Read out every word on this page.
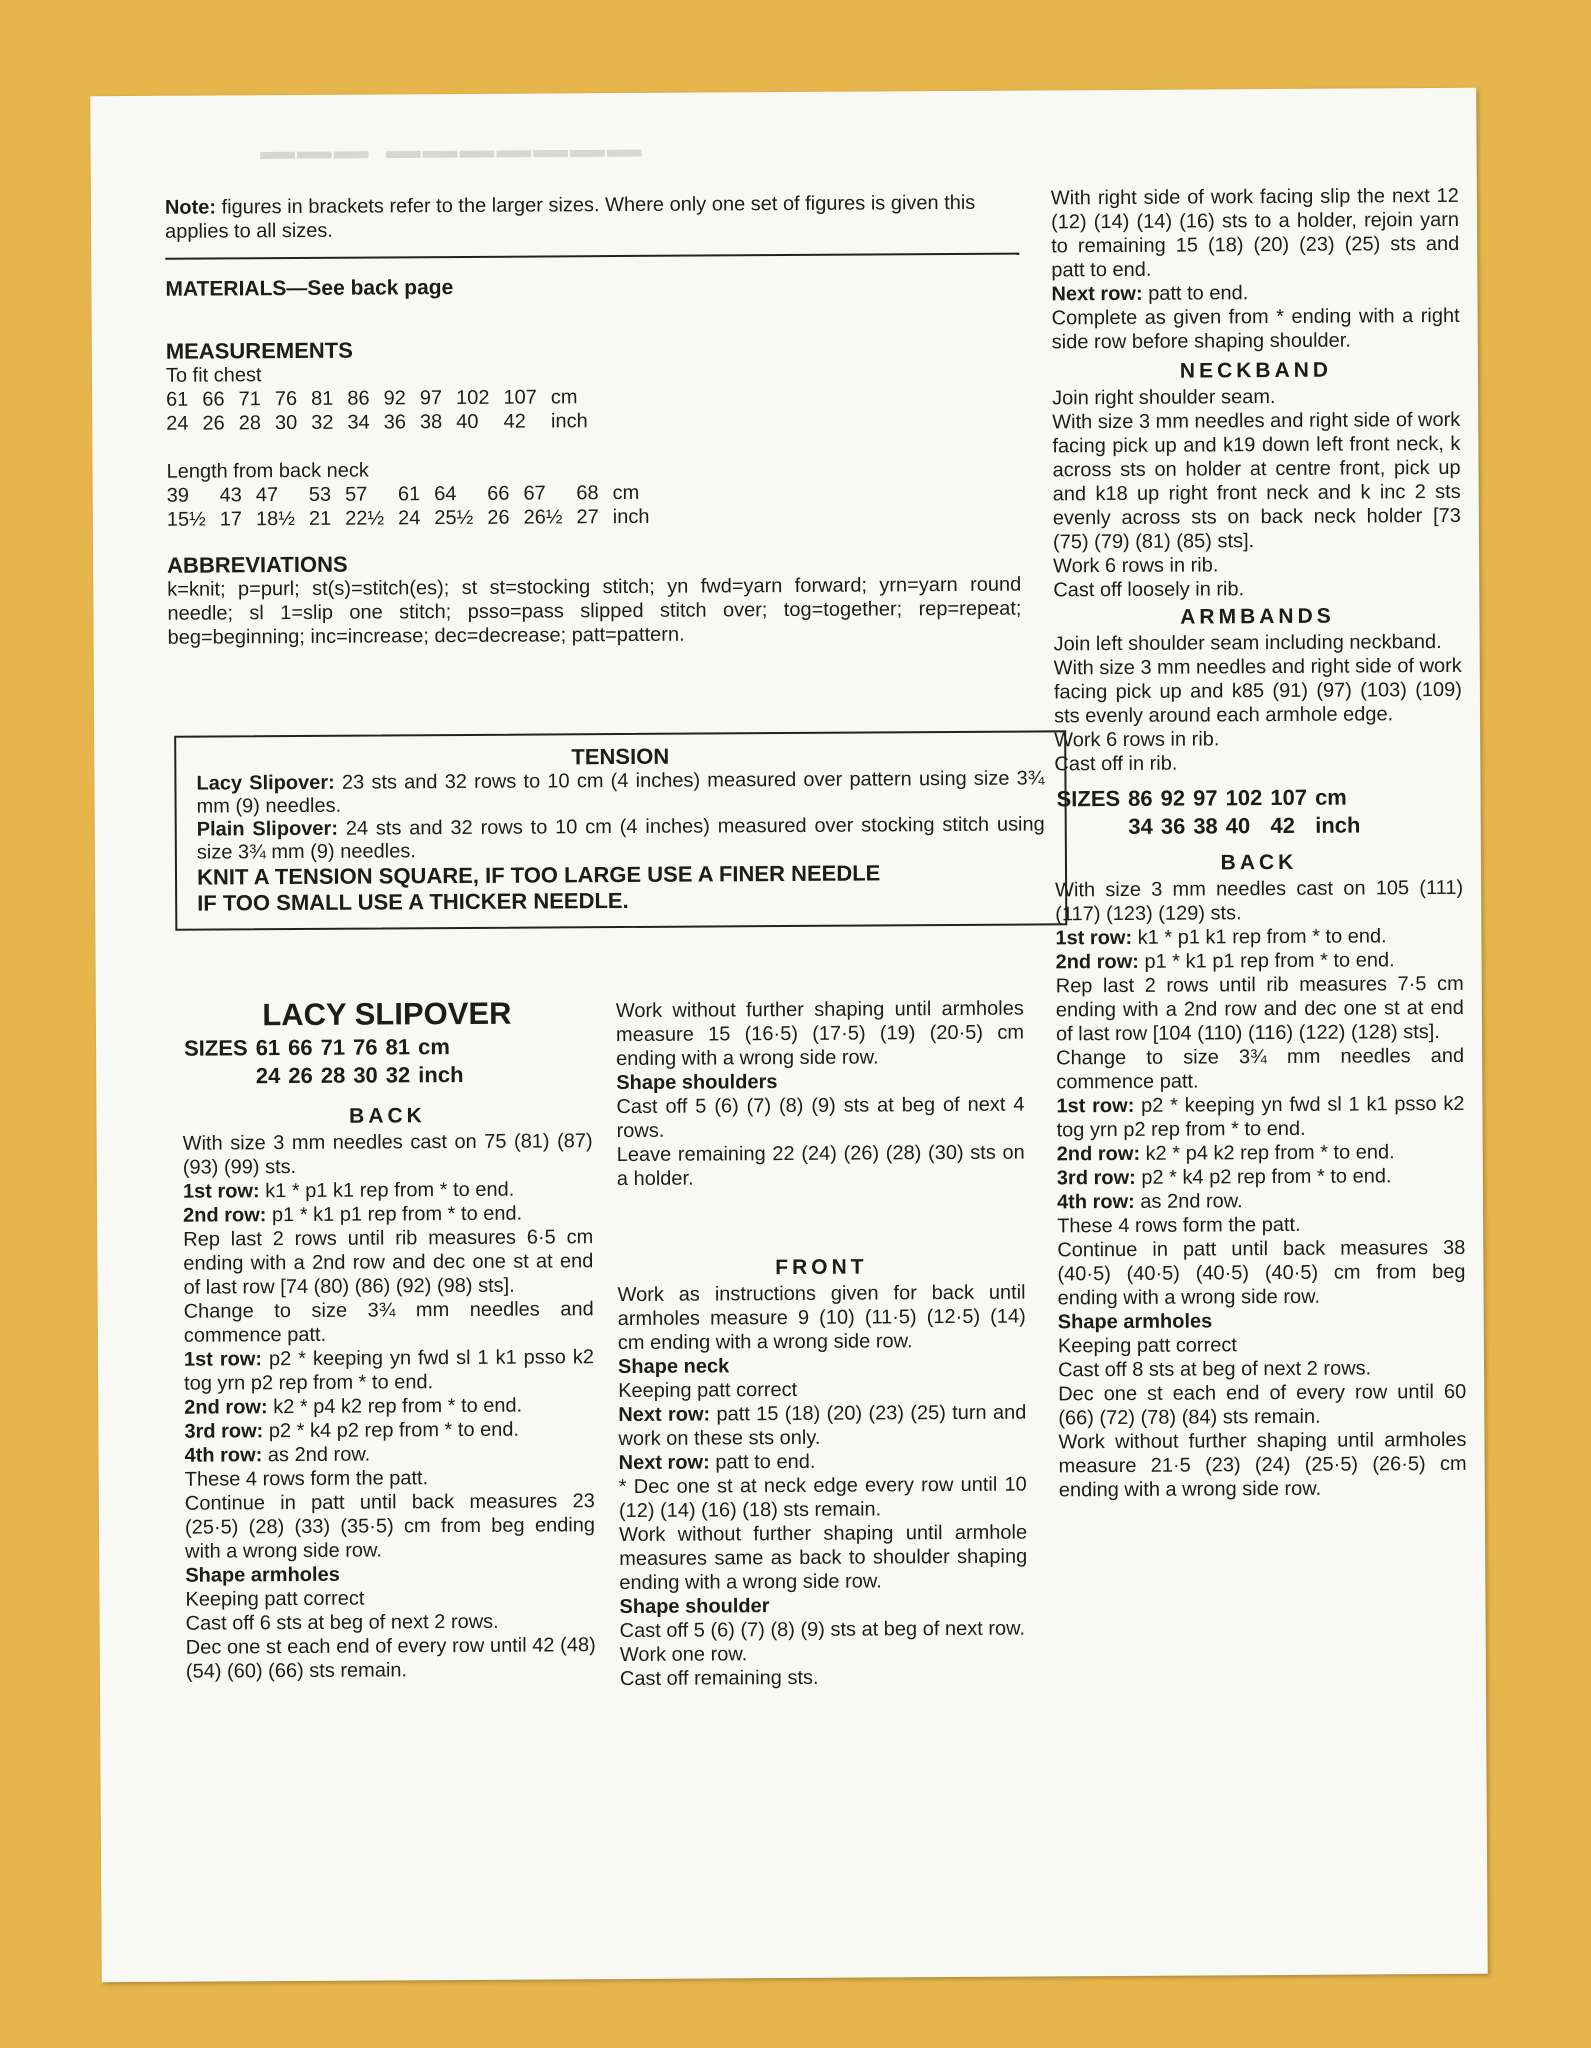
▔▔▔ ▔▔▔▔▔▔▔

Note: figures in brackets refer to the larger sizes. Where only one set of figures is given this applies to all sizes.

MATERIALS—See back page

MEASUREMENTS

To fit chest

61	66	71	76	81	86	92	97	102	107	cm
24	26	28	30	32	34	36	38	40	42	inch

Length from back neck

39	43	47	53	57	61	64	66	67	68	cm
15½	17	18½	21	22½	24	25½	26	26½	27	inch

ABBREVIATIONS

k=knit; p=purl; st(s)=stitch(es); st st=stocking stitch; yn fwd=yarn forward; yrn=yarn round needle; sl 1=slip one stitch; psso=pass slipped stitch over; tog=together; rep=repeat; beg=beginning; inc=increase; dec=decrease; patt=pattern.

TENSION

Lacy Slipover: 23 sts and 32 rows to 10 cm (4 inches) measured over pattern using size 3¾ mm (9) needles.

Plain Slipover: 24 sts and 32 rows to 10 cm (4 inches) measured over stocking stitch using size 3¾ mm (9) needles.

KNIT A TENSION SQUARE, IF TOO LARGE USE A FINER NEEDLE

IF TOO SMALL USE A THICKER NEEDLE.

LACY SLIPOVER

SIZES	61	66	71	76	81	cm
	24	26	28	30	32	inch

BACK

With size 3 mm needles cast on 75 (81) (87) (93) (99) sts.

1st row: k1 * p1 k1 rep from * to end.

2nd row: p1 * k1 p1 rep from * to end.

Rep last 2 rows until rib measures 6·5 cm ending with a 2nd row and dec one st at end of last row [74 (80) (86) (92) (98) sts].

Change to size 3¾ mm needles and commence patt.

1st row: p2 * keeping yn fwd sl 1 k1 psso k2 tog yrn p2 rep from * to end.

2nd row: k2 * p4 k2 rep from * to end.

3rd row: p2 * k4 p2 rep from * to end.

4th row: as 2nd row.

These 4 rows form the patt.

Continue in patt until back measures 23 (25·5) (28) (33) (35·5) cm from beg ending with a wrong side row.

Shape armholes

Keeping patt correct

Cast off 6 sts at beg of next 2 rows.

Dec one st each end of every row until 42 (48) (54) (60) (66) sts remain.

Work without further shaping until armholes measure 15 (16·5) (17·5) (19) (20·5) cm ending with a wrong side row.

Shape shoulders

Cast off 5 (6) (7) (8) (9) sts at beg of next 4 rows.

Leave remaining 22 (24) (26) (28) (30) sts on a holder.

FRONT

Work as instructions given for back until armholes measure 9 (10) (11·5) (12·5) (14) cm ending with a wrong side row.

Shape neck

Keeping patt correct

Next row: patt 15 (18) (20) (23) (25) turn and work on these sts only.

Next row: patt to end.

* Dec one st at neck edge every row until 10 (12) (14) (16) (18) sts remain.

Work without further shaping until armhole measures same as back to shoulder shaping ending with a wrong side row.

Shape shoulder

Cast off 5 (6) (7) (8) (9) sts at beg of next row.

Work one row.

Cast off remaining sts.

With right side of work facing slip the next 12 (12) (14) (14) (16) sts to a holder, rejoin yarn to remaining 15 (18) (20) (23) (25) sts and patt to end.

Next row: patt to end.

Complete as given from * ending with a right side row before shaping shoulder.

NECKBAND

Join right shoulder seam.

With size 3 mm needles and right side of work facing pick up and k19 down left front neck, k across sts on holder at centre front, pick up and k18 up right front neck and k inc 2 sts evenly across sts on back neck holder [73 (75) (79) (81) (85) sts].

Work 6 rows in rib.

Cast off loosely in rib.

ARMBANDS

Join left shoulder seam including neckband.

With size 3 mm needles and right side of work facing pick up and k85 (91) (97) (103) (109) sts evenly around each armhole edge.

Work 6 rows in rib.

Cast off in rib.

SIZES	86	92	97	102	107	cm
	34	36	38	40	42	inch

BACK

With size 3 mm needles cast on 105 (111) (117) (123) (129) sts.

1st row: k1 * p1 k1 rep from * to end.

2nd row: p1 * k1 p1 rep from * to end.

Rep last 2 rows until rib measures 7·5 cm ending with a 2nd row and dec one st at end of last row [104 (110) (116) (122) (128) sts].

Change to size 3¾ mm needles and commence patt.

1st row: p2 * keeping yn fwd sl 1 k1 psso k2 tog yrn p2 rep from * to end.

2nd row: k2 * p4 k2 rep from * to end.

3rd row: p2 * k4 p2 rep from * to end.

4th row: as 2nd row.

These 4 rows form the patt.

Continue in patt until back measures 38 (40·5) (40·5) (40·5) (40·5) cm from beg ending with a wrong side row.

Shape armholes

Keeping patt correct

Cast off 8 sts at beg of next 2 rows.

Dec one st each end of every row until 60 (66) (72) (78) (84) sts remain.

Work without further shaping until armholes measure 21·5 (23) (24) (25·5) (26·5) cm ending with a wrong side row.
